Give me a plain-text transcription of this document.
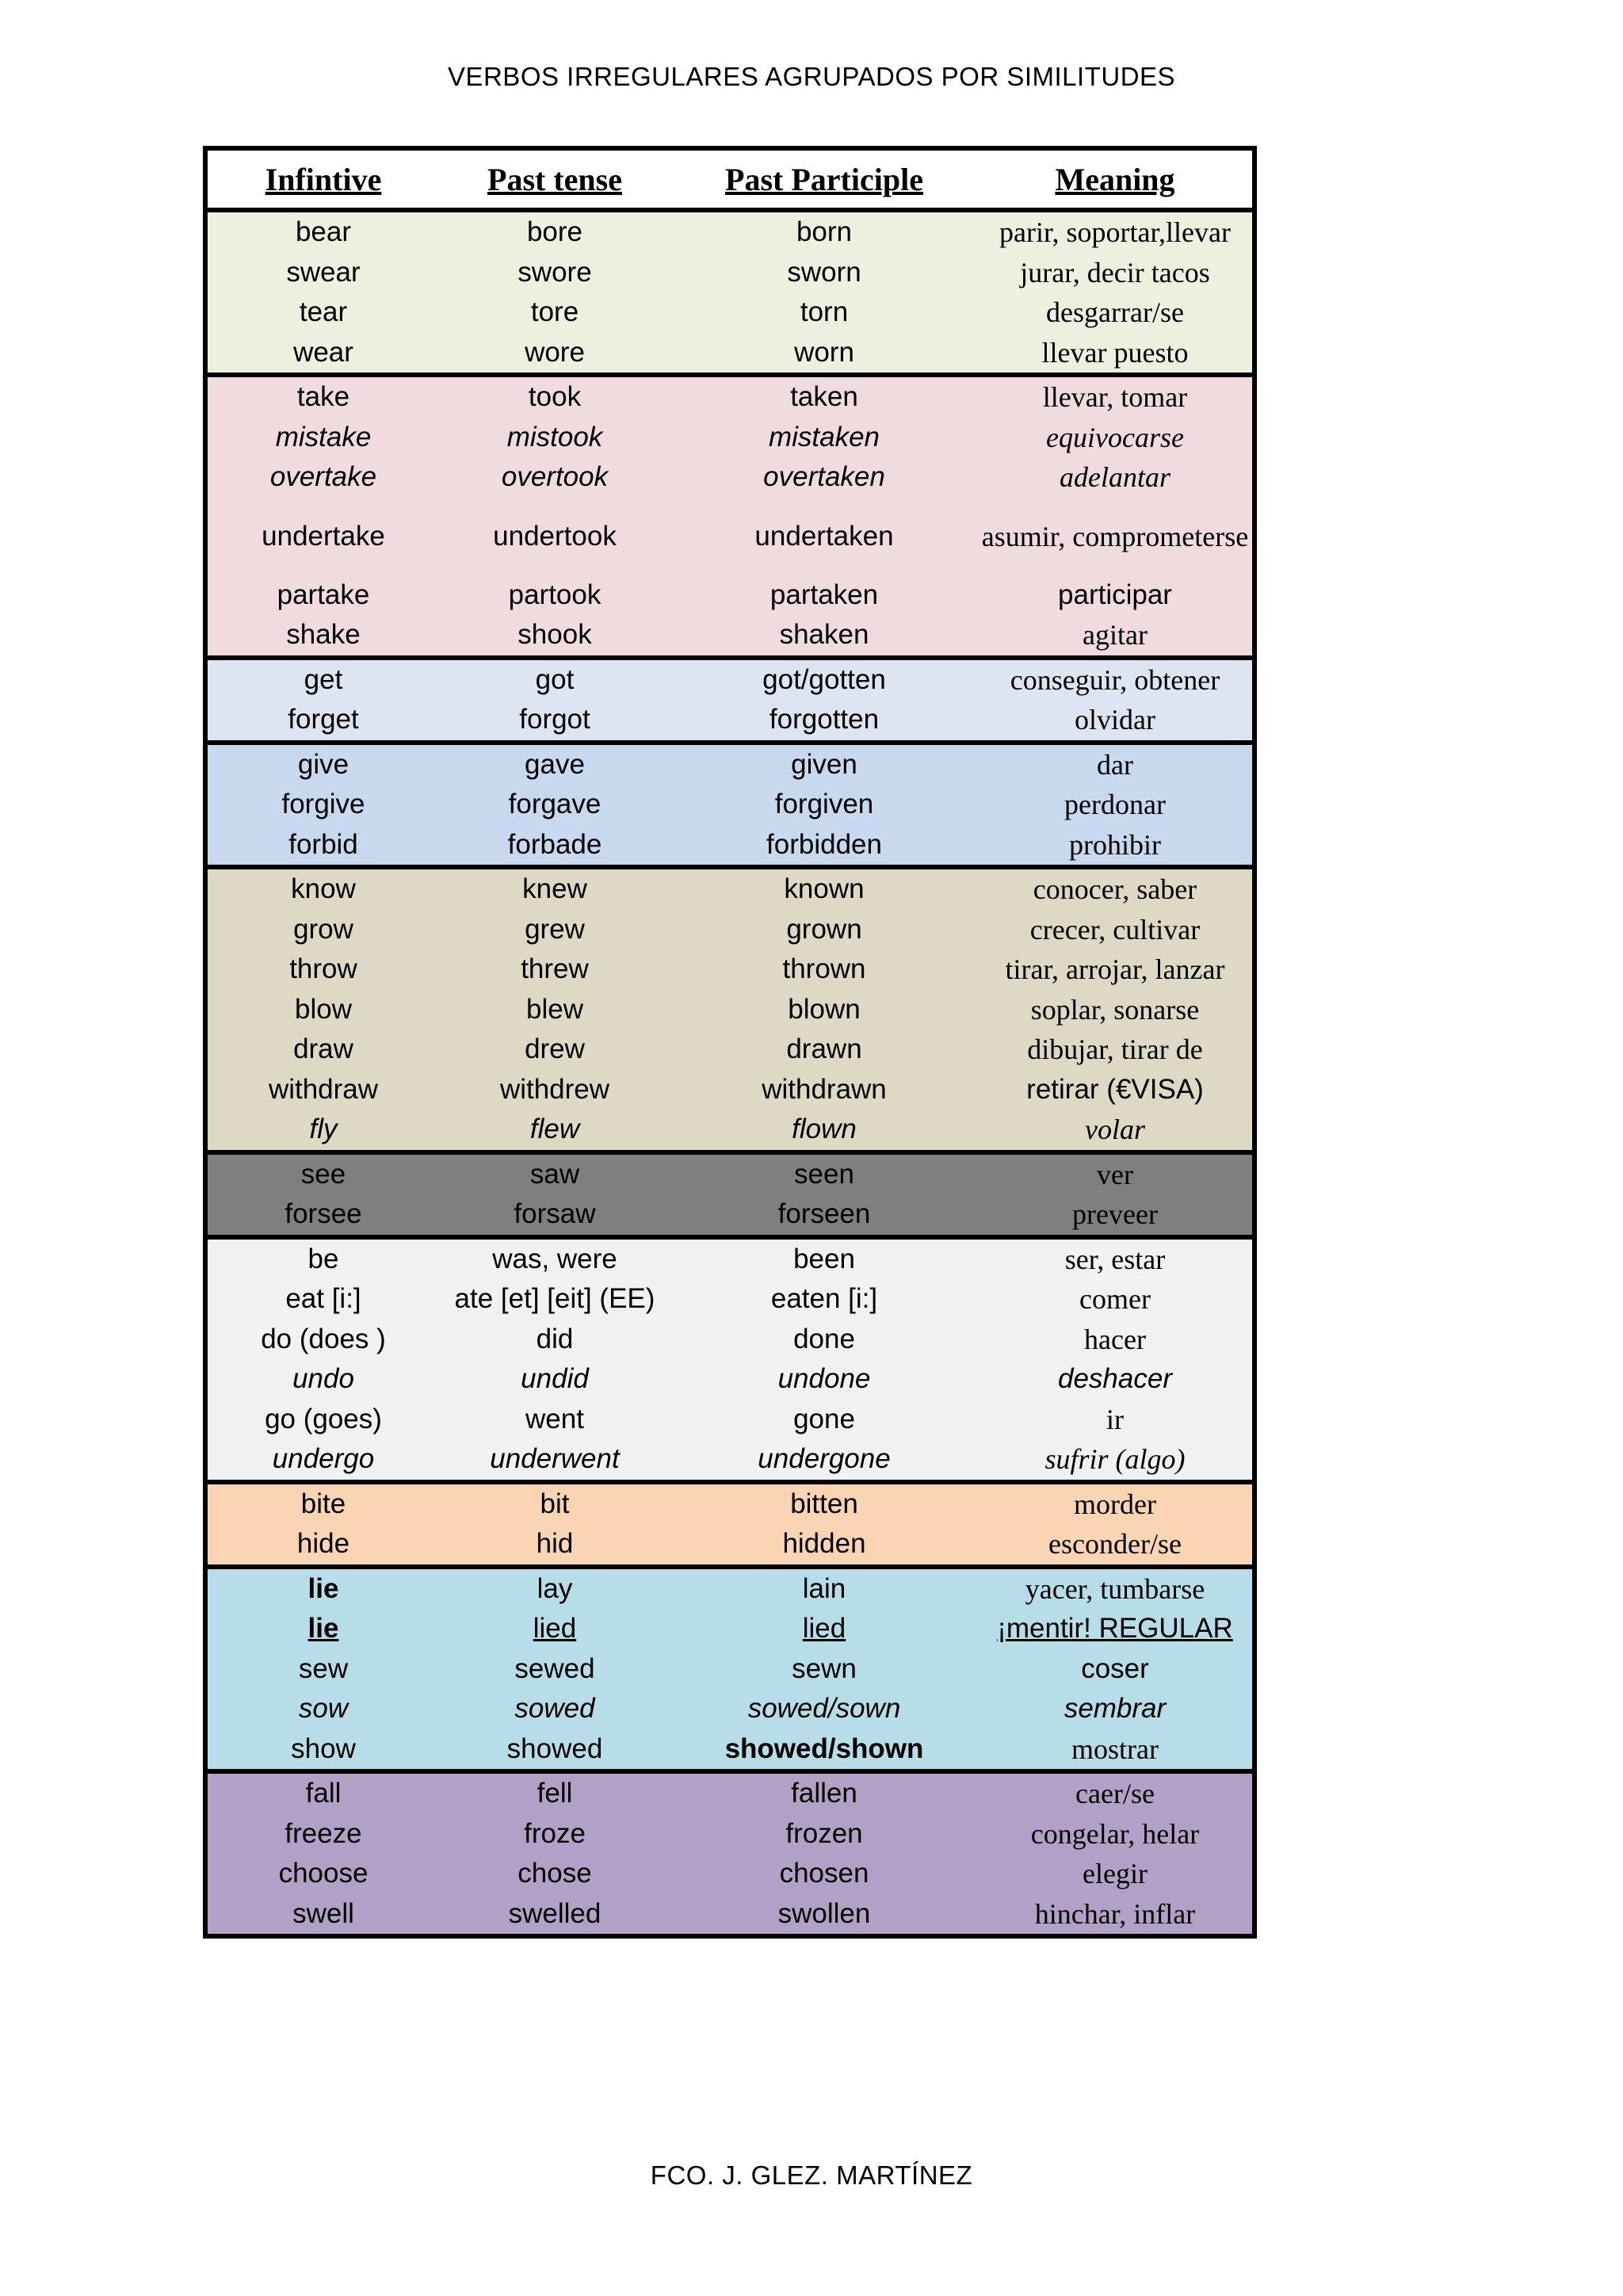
VERBOS IRREGULARES AGRUPADOS POR SIMILITUDES
Infintive	Past tense	Past Participle	Meaning
bear	bore	born	parir, soportar,llevar
swear	swore	sworn	jurar, decir tacos
tear	tore	torn	desgarrar/se
wear	wore	worn	llevar puesto
take	took	taken	llevar, tomar
mistake	mistook	mistaken	equivocarse
overtake	overtook	overtaken	adelantar
undertake	undertook	undertaken	asumir, comprometerse
partake	partook	partaken	participar
shake	shook	shaken	agitar
get	got	got/gotten	conseguir, obtener
forget	forgot	forgotten	olvidar
give	gave	given	dar
forgive	forgave	forgiven	perdonar
forbid	forbade	forbidden	prohibir
know	knew	known	conocer, saber
grow	grew	grown	crecer, cultivar
throw	threw	thrown	tirar, arrojar, lanzar
blow	blew	blown	soplar, sonarse
draw	drew	drawn	dibujar, tirar de
withdraw	withdrew	withdrawn	retirar (€VISA)
fly	flew	flown	volar
see	saw	seen	ver
forsee	forsaw	forseen	preveer
be	was, were	been	ser, estar
eat [i:]	ate [et] [eit] (EE)	eaten [i:]	comer
do (does )	did	done	hacer
undo	undid	undone	deshacer
go (goes)	went	gone	ir
undergo	underwent	undergone	sufrir (algo)
bite	bit	bitten	morder
hide	hid	hidden	esconder/se
lie	lay	lain	yacer, tumbarse
lie	lied	lied	¡mentir! REGULAR
sew	sewed	sewn	coser
sow	sowed	sowed/sown	sembrar
show	showed	showed/shown	mostrar
fall	fell	fallen	caer/se
freeze	froze	frozen	congelar, helar
choose	chose	chosen	elegir
swell	swelled	swollen	hinchar, inflar
FCO. J. GLEZ. MARTÍNEZ
